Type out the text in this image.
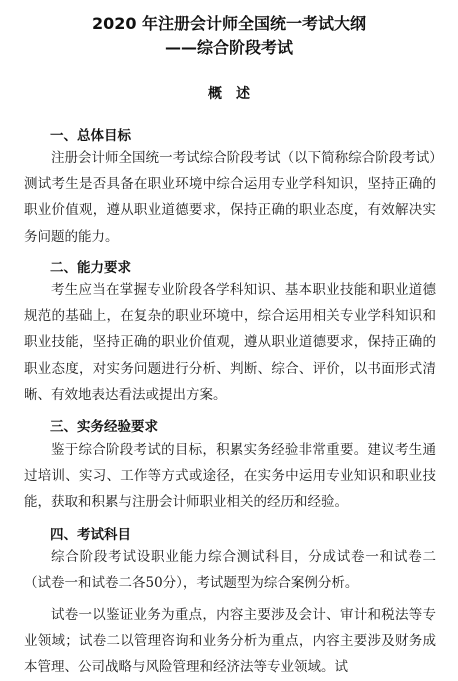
2020 年注册会计师全国统一考试大纲
——综合阶段考试
概述
一、总体目标

注册会计师全国统一考试综合阶段考试（以下简称综合阶段考试）测试考生是否具备在职业环境中综合运用专业学科知识，坚持正确的职业价值观，遵从职业道德要求，保持正确的职业态度，有效解决实务问题的能力。

二、能力要求

考生应当在掌握专业阶段各学科知识、基本职业技能和职业道德规范的基础上，在复杂的职业环境中，综合运用相关专业学科知识和职业技能，坚持正确的职业价值观，遵从职业道德要求，保持正确的职业态度，对实务问题进行分析、判断、综合、评价，以书面形式清晰、有效地表达看法或提出方案。

三、实务经验要求

鉴于综合阶段考试的目标，积累实务经验非常重要。建议考生通过培训、实习、工作等方式或途径，在实务中运用专业知识和职业技能，获取和积累与注册会计师职业相关的经历和经验。

四、考试科目

综合阶段考试设职业能力综合测试科目，分成试卷一和试卷二（试卷一和试卷二各50分），考试题型为综合案例分析。

试卷一以鉴证业务为重点，内容主要涉及会计、审计和税法等专业领域；试卷二以管理咨询和业务分析为重点，内容主要涉及财务成本管理、公司战略与风险管理和经济法等专业领域。试
